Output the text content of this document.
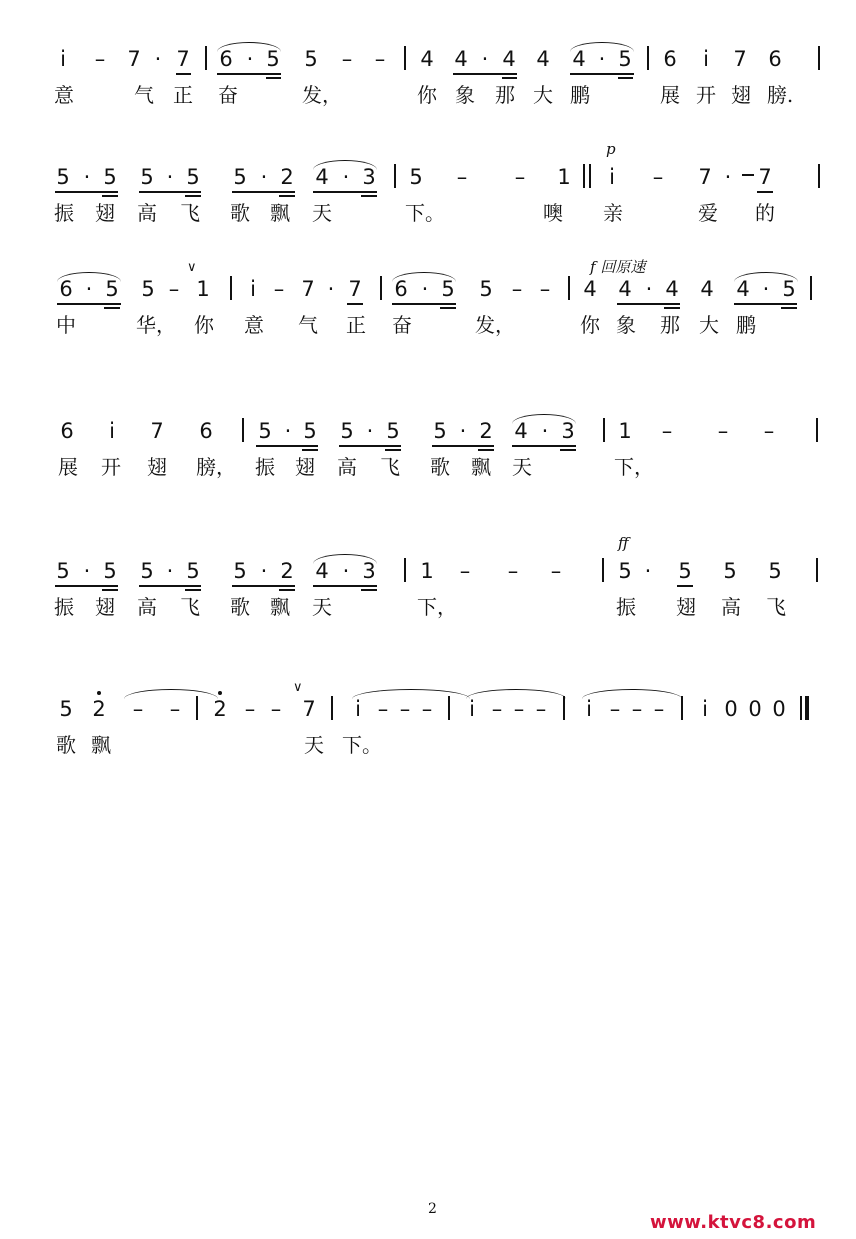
i – 7 · 7 6 · 5 5 – – 4 4 · 4 4 4 · 5 6 i 7 6
意	气 正 奋	发，	你 象 那 大 鹏	展 开 翅 膀.
p
5 · 5 5 · 5 5 · 2 4 · 3 5 – – 1 i – 7 · 7
振 翅 高 飞 歌 飘 天	下。	噢 亲	爱 的
f 回原速
∨
6 · 5 5 – 1 i – 7 · 7 6 · 5 5 – – 4 4 · 4 4 4 · 5
中	华， 你 意 气 正 奋	发，	你 象 那 大 鹏
6 i 7 6 5 · 5 5 · 5 5 · 2 4 · 3 1 – – –
展 开 翅 膀， 振 翅 高 飞 歌 飘 天	下，
ff
5 · 5 5 · 5 5 · 2 4 · 3 1 – – –	5 · 5 5 5
振 翅 高 飞 歌 飘 天	下，	振 翅 高 飞
∨
5 2 – – 2 – – 7 i – – – i – – – i – – – i 0 0 0
歌 飘	天 下。
2
www.ktvc8.com
